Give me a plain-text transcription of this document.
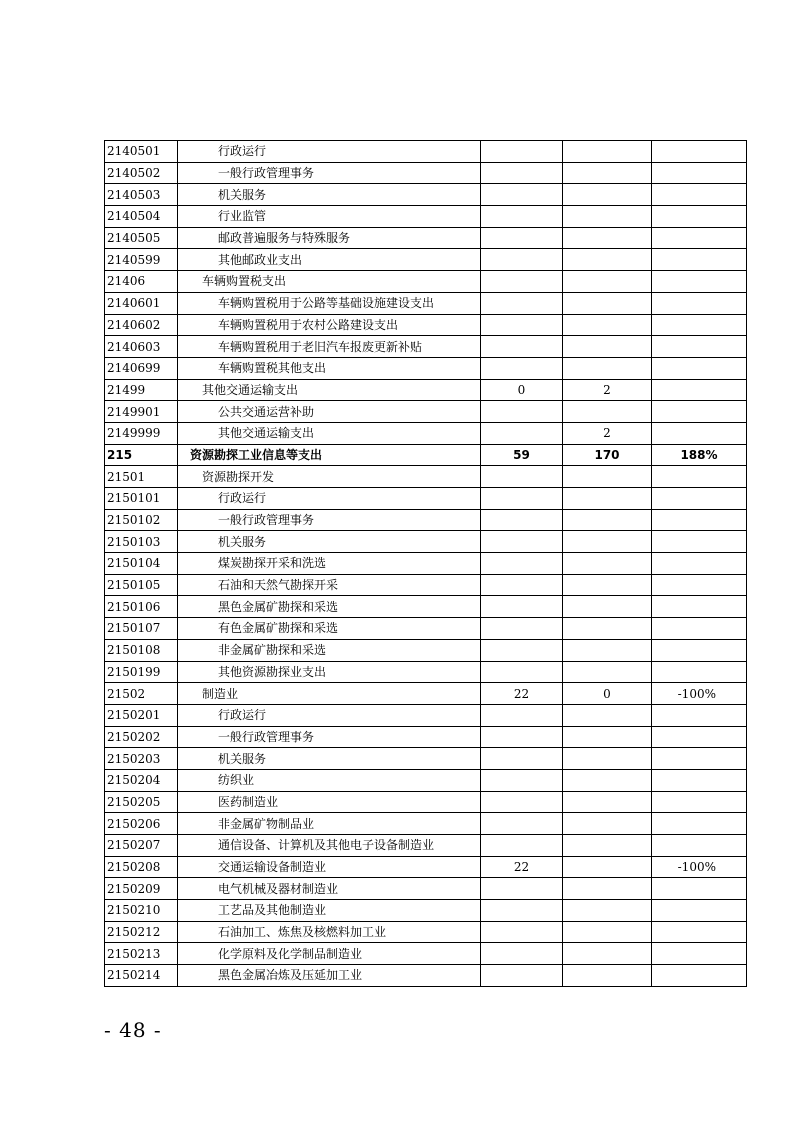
2140501	行政运行			
2140502	一般行政管理事务			
2140503	机关服务			
2140504	行业监管			
2140505	邮政普遍服务与特殊服务			
2140599	其他邮政业支出			
21406	车辆购置税支出			
2140601	车辆购置税用于公路等基础设施建设支出			
2140602	车辆购置税用于农村公路建设支出			
2140603	车辆购置税用于老旧汽车报废更新补贴			
2140699	车辆购置税其他支出			
21499	其他交通运输支出	0	2	
2149901	公共交通运营补助			
2149999	其他交通运输支出		2	
215	资源勘探工业信息等支出	59	170	188%
21501	资源勘探开发			
2150101	行政运行			
2150102	一般行政管理事务			
2150103	机关服务			
2150104	煤炭勘探开采和洗选			
2150105	石油和天然气勘探开采			
2150106	黑色金属矿勘探和采选			
2150107	有色金属矿勘探和采选			
2150108	非金属矿勘探和采选			
2150199	其他资源勘探业支出			
21502	制造业	22	0	-100%
2150201	行政运行			
2150202	一般行政管理事务			
2150203	机关服务			
2150204	纺织业			
2150205	医药制造业			
2150206	非金属矿物制品业			
2150207	通信设备、计算机及其他电子设备制造业			
2150208	交通运输设备制造业	22		-100%
2150209	电气机械及器材制造业			
2150210	工艺品及其他制造业			
2150212	石油加工、炼焦及核燃料加工业			
2150213	化学原料及化学制品制造业			
2150214	黑色金属冶炼及压延加工业			
- 48 -
